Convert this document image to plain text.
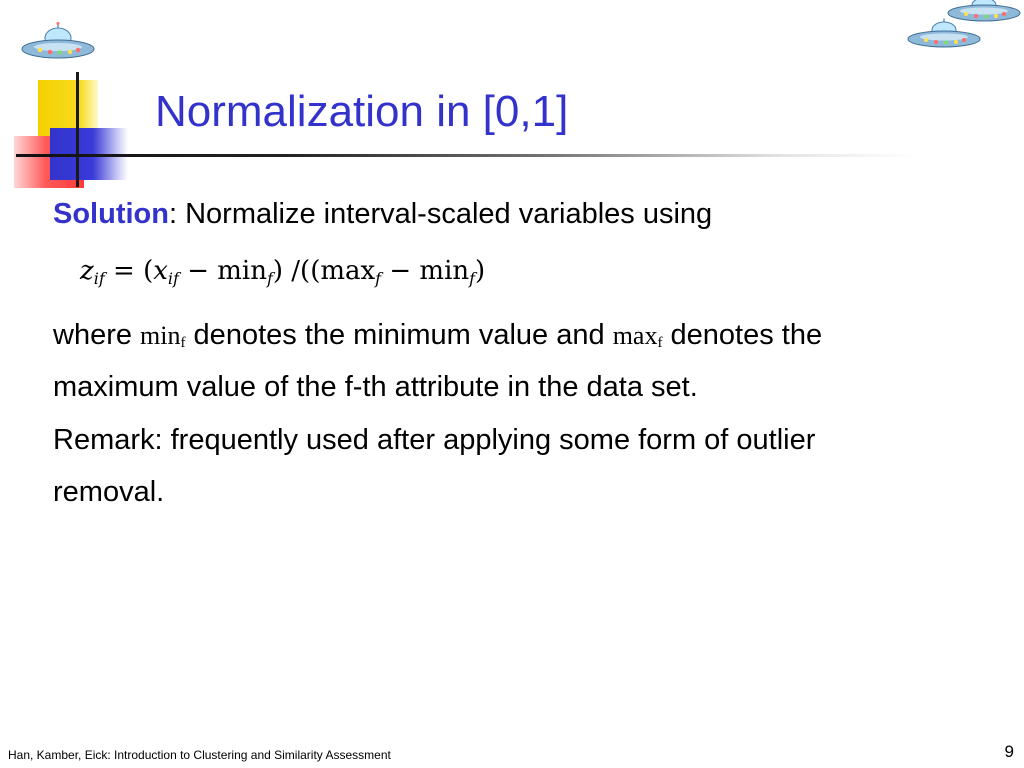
Normalization in [0,1]
Solution: Normalize interval-scaled variables using
$z_{if} = (x_{if} - \min_f) /((\max_f - \min_f)$
where $\min_f$ denotes the minimum value and $\max_f$ denotes the
maximum value of the f-th attribute in the data set.
Remark: frequently used after applying some form of outlier
removal.
Han, Kamber, Eick: Introduction to Clustering and Similarity Assessment	9
